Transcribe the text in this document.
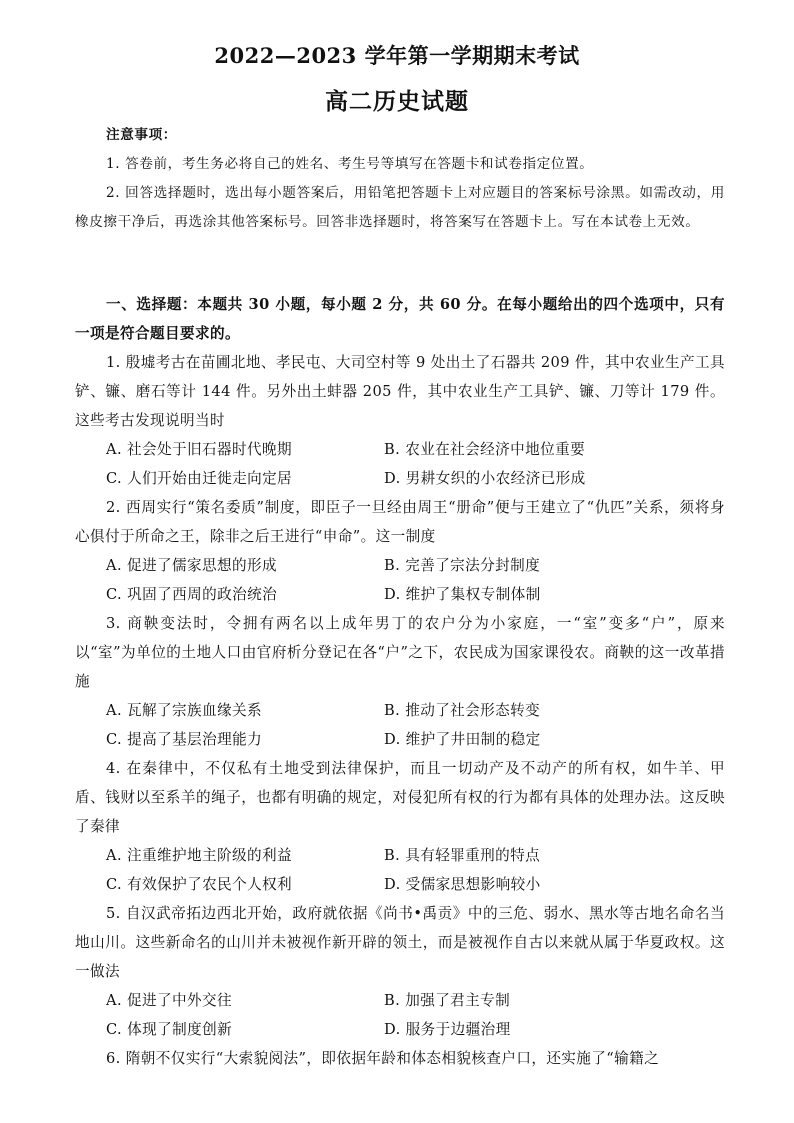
2022—2023 学年第一学期期末考试
高二历史试题
注意事项：

1. 答卷前，考生务必将自己的姓名、考生号等填写在答题卡和试卷指定位置。

2. 回答选择题时，选出每小题答案后，用铅笔把答题卡上对应题目的答案标号涂黑。如需改动，用橡皮擦干净后，再选涂其他答案标号。回答非选择题时，将答案写在答题卡上。写在本试卷上无效。

一、选择题：本题共 30 小题，每小题 2 分，共 60 分。在每小题给出的四个选项中，只有一项是符合题目要求的。

1. 殷墟考古在苗圃北地、孝民屯、大司空村等 9 处出土了石器共 209 件，其中农业生产工具铲、镰、磨石等计 144 件。另外出土蚌器 205 件，其中农业生产工具铲、镰、刀等计 179 件。这些考古发现说明当时

A. 社会处于旧石器时代晚期	B. 农业在社会经济中地位重要
C. 人们开始由迁徙走向定居	D. 男耕女织的小农经济已形成

2. 西周实行“策名委质”制度，即臣子一旦经由周王“册命”便与王建立了“仇匹”关系，须将身心俱付于所命之王，除非之后王进行“申命”。这一制度

A. 促进了儒家思想的形成	B. 完善了宗法分封制度
C. 巩固了西周的政治统治	D. 维护了集权专制体制

3. 商鞅变法时，令拥有两名以上成年男丁的农户分为小家庭，一“室”变多“户”，原来以“室”为单位的土地人口由官府析分登记在各“户”之下，农民成为国家课役农。商鞅的这一改革措施

A. 瓦解了宗族血缘关系	B. 推动了社会形态转变
C. 提高了基层治理能力	D. 维护了井田制的稳定

4. 在秦律中，不仅私有土地受到法律保护，而且一切动产及不动产的所有权，如牛羊、甲盾、钱财以至系羊的绳子，也都有明确的规定，对侵犯所有权的行为都有具体的处理办法。这反映了秦律

A. 注重维护地主阶级的利益	B. 具有轻罪重刑的特点
C. 有效保护了农民个人权利	D. 受儒家思想影响较小

5. 自汉武帝拓边西北开始，政府就依据《尚书•禹贡》中的三危、弱水、黑水等古地名命名当地山川。这些新命名的山川并未被视作新开辟的领土，而是被视作自古以来就从属于华夏政权。这一做法

A. 促进了中外交往	B. 加强了君主专制
C. 体现了制度创新	D. 服务于边疆治理

6. 隋朝不仅实行“大索貌阅法”，即依据年龄和体态相貌核查户口，还实施了“输籍之
